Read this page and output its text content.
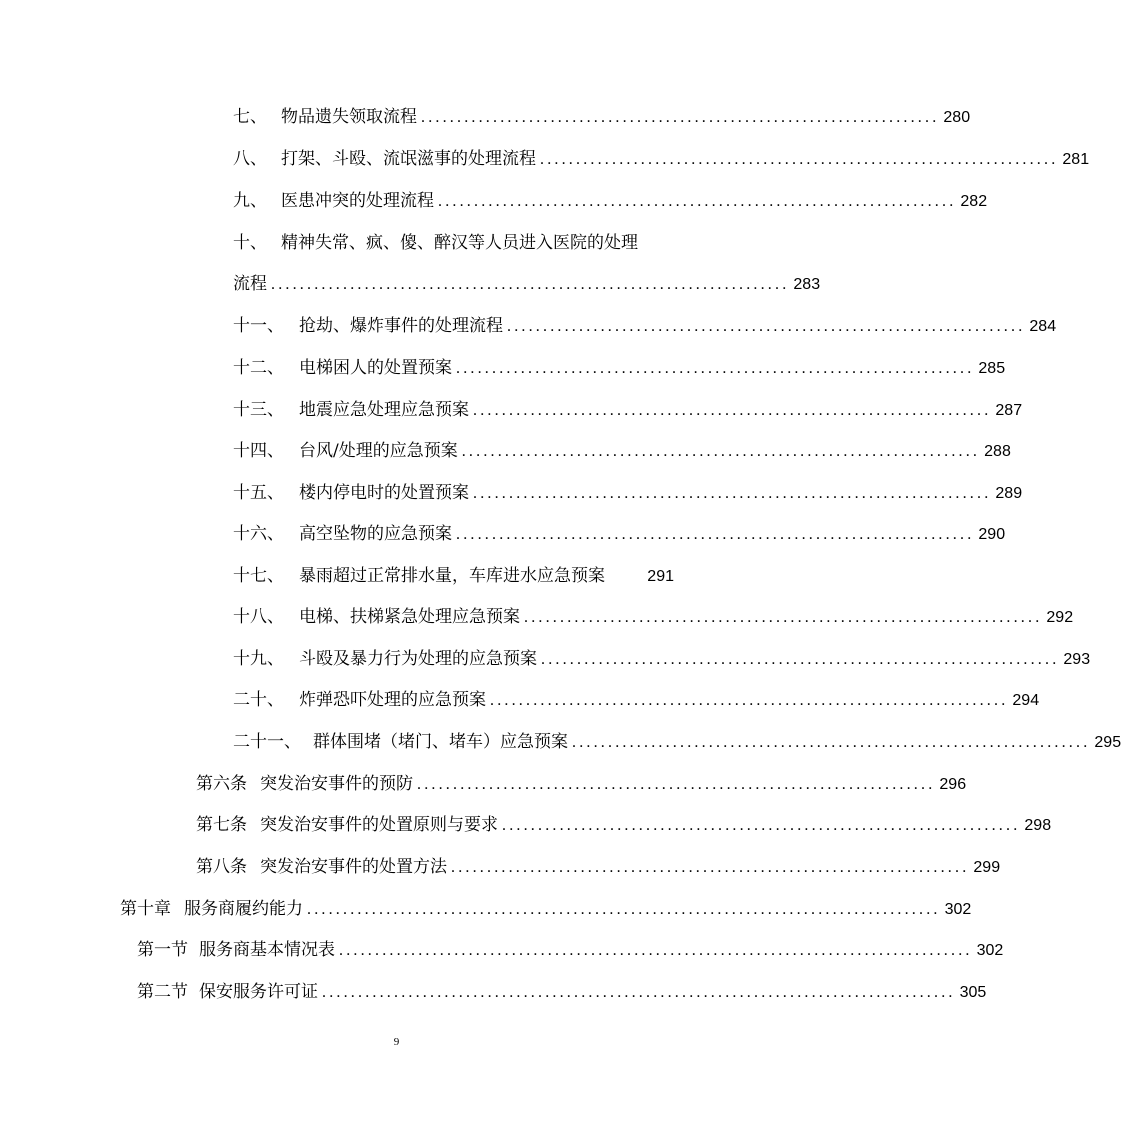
七、 物品遗失领取流程 ........................................................................ 280
八、 打架、斗殴、流氓滋事的处理流程 ........................................................................ 281
九、 医患冲突的处理流程 ........................................................................ 282
十、 精神失常、疯、傻、醉汉等人员进入医院的处理
流程 ........................................................................ 283
十一、 抢劫、爆炸事件的处理流程 ........................................................................ 284
十二、 电梯困人的处置预案 ........................................................................ 285
十三、 地震应急处理应急预案 ........................................................................ 287
十四、 台风/处理的应急预案 ........................................................................ 288
十五、 楼内停电时的处置预案 ........................................................................ 289
十六、 高空坠物的应急预案 ........................................................................ 290
十七、 暴雨超过正常排水量，车库进水应急预案
	291
十八、 电梯、扶梯紧急处理应急预案 ........................................................................ 292
十九、 斗殴及暴力行为处理的应急预案 ........................................................................ 293
二十、 炸弹恐吓处理的应急预案 ........................................................................ 294
二十一、 群体围堵（堵门、堵车）应急预案 ........................................................................ 295
第六条 突发治安事件的预防 ........................................................................ 296
第七条 突发治安事件的处置原则与要求 ........................................................................ 298
第八条 突发治安事件的处置方法 ........................................................................ 299
第十章 服务商履约能力 ........................................................................................ 302
第一节 服务商基本情况表 ........................................................................................ 302
第二节 保安服务许可证 ........................................................................................ 305
9
